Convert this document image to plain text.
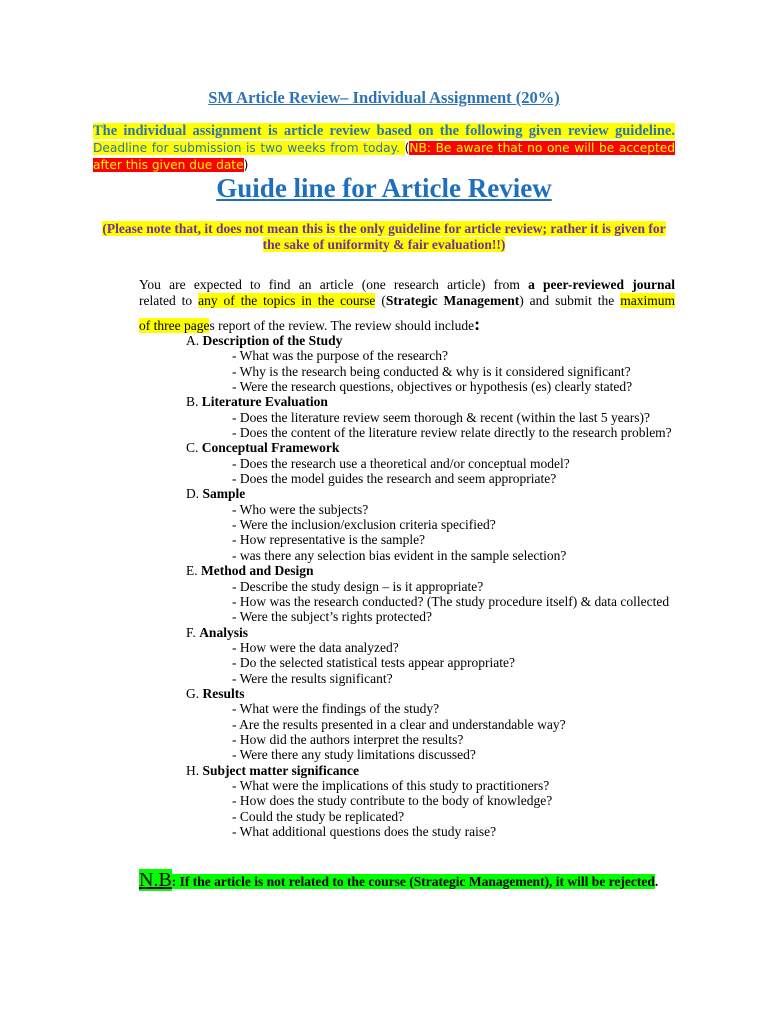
SM Article Review– Individual Assignment (20%)
The individual assignment is article review based on the following given review guideline. Deadline for submission is two weeks from today. (NB: Be aware that no one will be accepted after this given due date)
Guide line for Article Review
(Please note that, it does not mean this is the only guideline for article review; rather it is given for the sake of uniformity & fair evaluation!!)
You are expected to find an article (one research article) from a peer-reviewed journal
related to any of the topics in the course (Strategic Management) and submit the maximum
of three pages report of the review. The review should include:
A. Description of the Study
- What was the purpose of the research?
- Why is the research being conducted & why is it considered significant?
- Were the research questions, objectives or hypothesis (es) clearly stated?
B. Literature Evaluation
- Does the literature review seem thorough & recent (within the last 5 years)?
- Does the content of the literature review relate directly to the research problem?
C. Conceptual Framework
- Does the research use a theoretical and/or conceptual model?
- Does the model guides the research and seem appropriate?
D. Sample
- Who were the subjects?
- Were the inclusion/exclusion criteria specified?
- How representative is the sample?
- was there any selection bias evident in the sample selection?
E. Method and Design
- Describe the study design – is it appropriate?
- How was the research conducted? (The study procedure itself) & data collected
- Were the subject’s rights protected?
F. Analysis
- How were the data analyzed?
- Do the selected statistical tests appear appropriate?
- Were the results significant?
G. Results
- What were the findings of the study?
- Are the results presented in a clear and understandable way?
- How did the authors interpret the results?
- Were there any study limitations discussed?
H. Subject matter significance
- What were the implications of this study to practitioners?
- How does the study contribute to the body of knowledge?
- Could the study be replicated?
- What additional questions does the study raise?
N.B: If the article is not related to the course (Strategic Management), it will be rejected.
